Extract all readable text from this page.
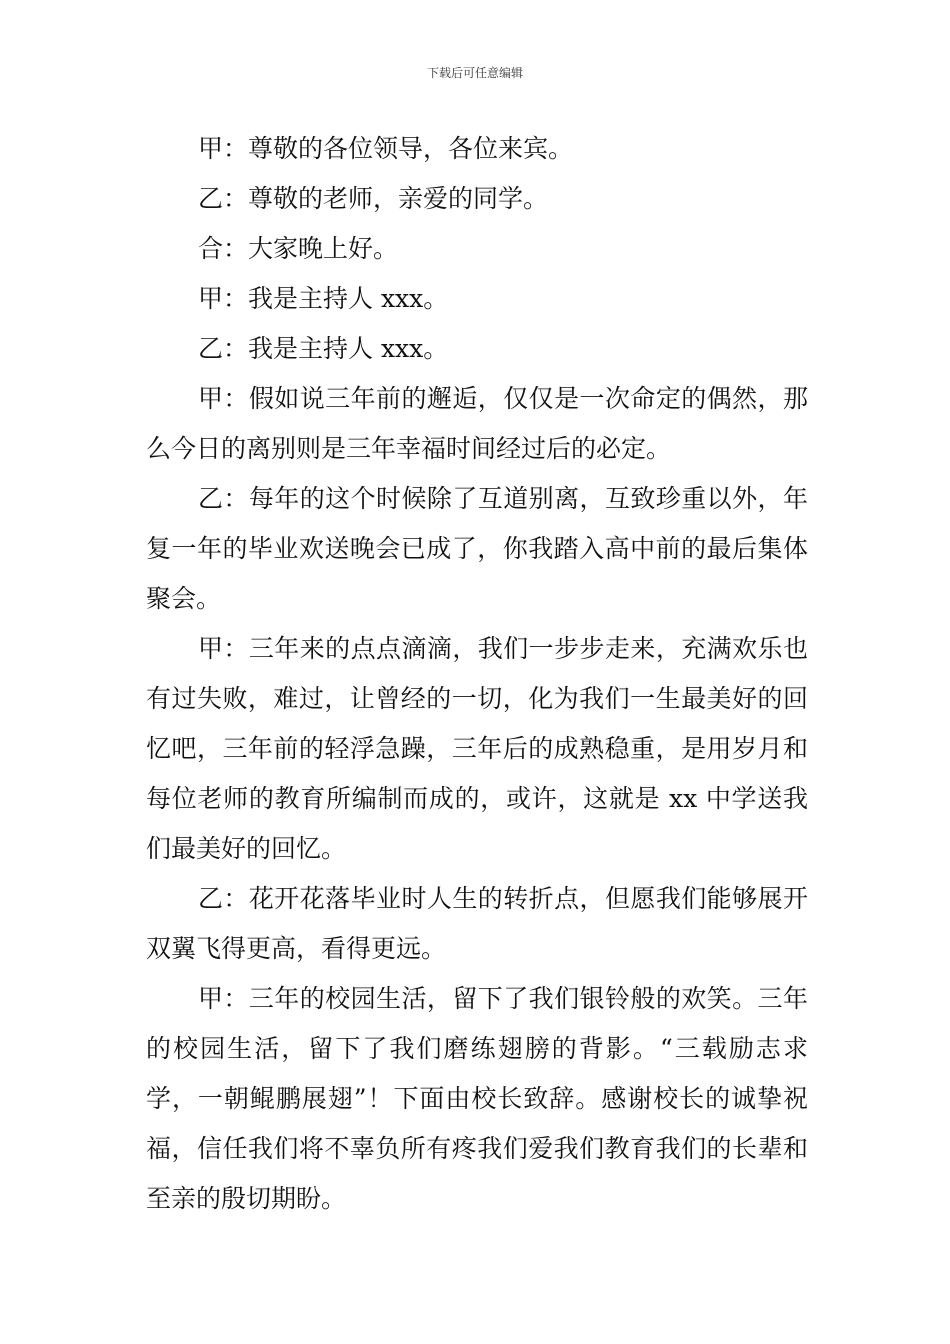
下载后可任意编辑

甲：尊敬的各位领导，各位来宾。

乙：尊敬的老师，亲爱的同学。

合：大家晚上好。

甲：我是主持人 xxx。

乙：我是主持人 xxx。

甲：假如说三年前的邂逅，仅仅是一次命定的偶然，那么今日的离别则是三年幸福时间经过后的必定。

乙：每年的这个时候除了互道别离，互致珍重以外，年复一年的毕业欢送晚会已成了，你我踏入高中前的最后集体聚会。

甲：三年来的点点滴滴，我们一步步走来，充满欢乐也有过失败，难过，让曾经的一切，化为我们一生最美好的回忆吧，三年前的轻浮急躁，三年后的成熟稳重，是用岁月和每位老师的教育所编制而成的，或许，这就是 xx 中学送我们最美好的回忆。

乙：花开花落毕业时人生的转折点，但愿我们能够展开双翼飞得更高，看得更远。

甲：三年的校园生活，留下了我们银铃般的欢笑。三年的校园生活，留下了我们磨练翅膀的背影。“三载励志求学，一朝鲲鹏展翅”！下面由校长致辞。感谢校长的诚挚祝福，信任我们将不辜负所有疼我们爱我们教育我们的长辈和至亲的殷切期盼。
